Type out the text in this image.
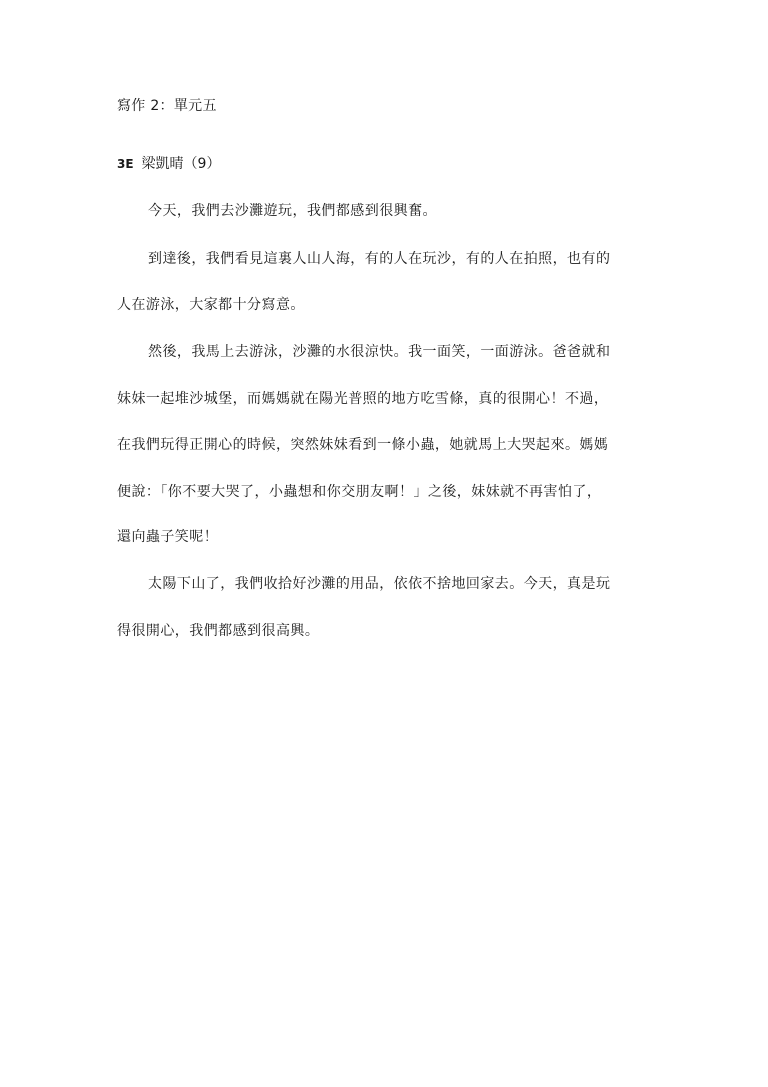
寫作 2：單元五
3E 梁凱晴（9）
今天，我們去沙灘遊玩，我們都感到很興奮。
到達後，我們看見這裏人山人海，有的人在玩沙，有的人在拍照，也有的
人在游泳，大家都十分寫意。
然後，我馬上去游泳，沙灘的水很涼快。我一面笑，一面游泳。爸爸就和
妹妹一起堆沙城堡，而媽媽就在陽光普照的地方吃雪條，真的很開心！不過，
在我們玩得正開心的時候，突然妹妹看到一條小蟲，她就馬上大哭起來。媽媽
便說：「你不要大哭了，小蟲想和你交朋友啊！」之後，妹妹就不再害怕了，
還向蟲子笑呢！
太陽下山了，我們收拾好沙灘的用品，依依不捨地回家去。今天，真是玩
得很開心，我們都感到很高興。
